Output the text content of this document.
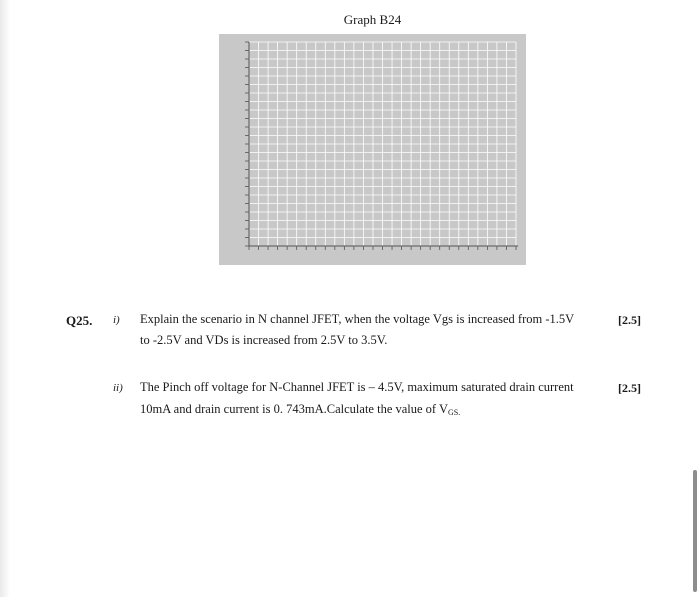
Graph B24
Q25. i) Explain the scenario in N channel JFET, when the voltage Vgs is increased from -1.5V
to -2.5V and VDs is increased from 2.5V to 3.5V.
[2.5]
ii) The Pinch off voltage for N-Channel JFET is – 4.5V, maximum saturated drain current
10mA and drain current is 0. 743mA.Calculate the value of $V_{GS.}$
[2.5]
